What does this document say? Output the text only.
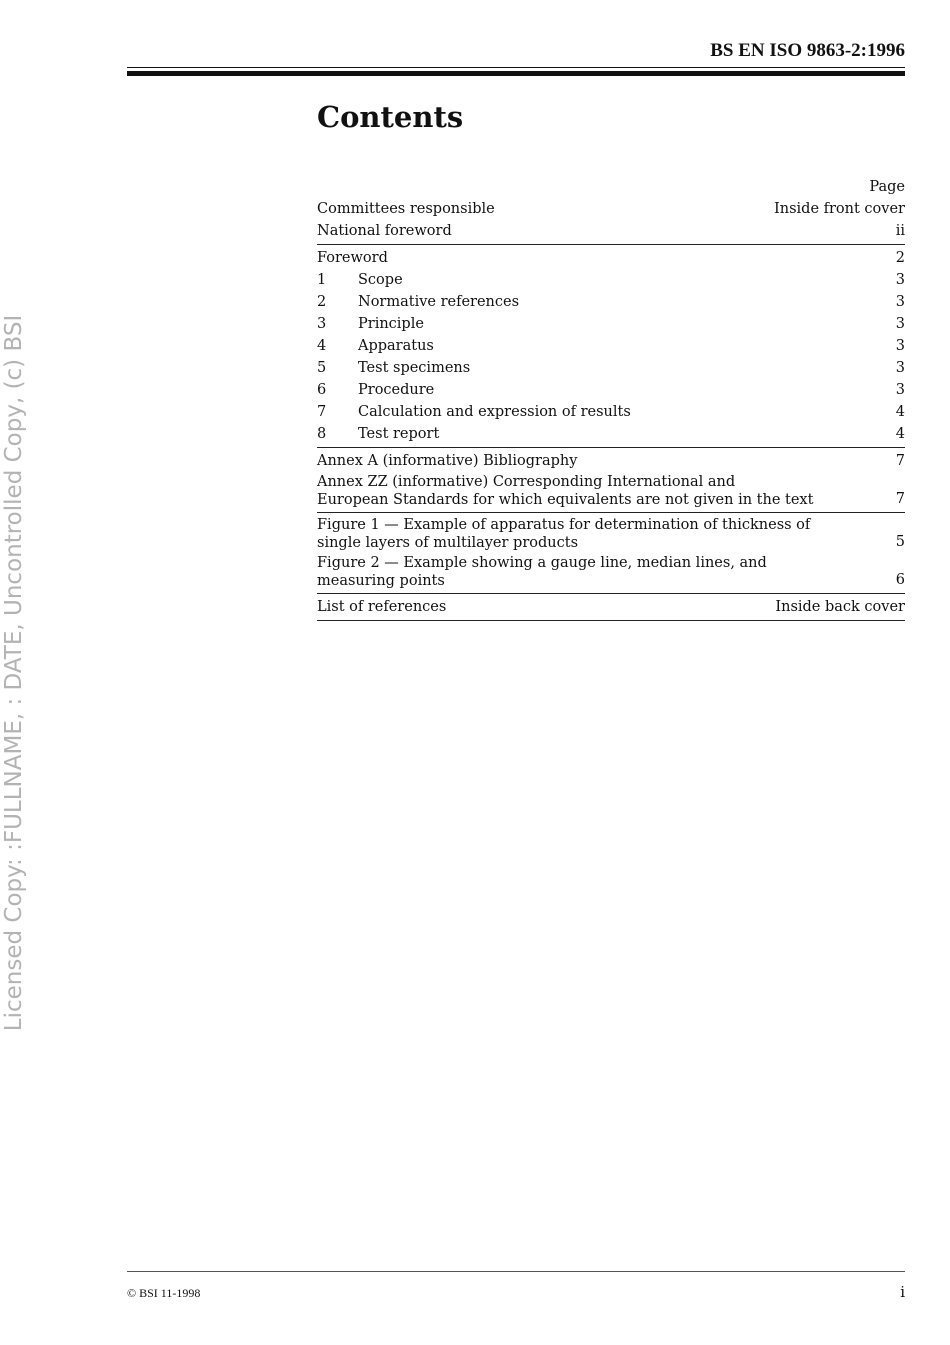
BS EN ISO 9863-2:1996
Contents
Page
Committees responsible	Inside front cover
National foreword	ii
Foreword	2
1	Scope	3
2	Normative references	3
3	Principle	3
4	Apparatus	3
5	Test specimens	3
6	Procedure	3
7	Calculation and expression of results	4
8	Test report	4
Annex A (informative) Bibliography	7
Annex ZZ (informative) Corresponding International and
European Standards for which equivalents are not given in the text	7
Figure 1 — Example of apparatus for determination of thickness of
single layers of multilayer products	5
Figure 2 — Example showing a gauge line, median lines, and
measuring points	6
List of references	Inside back cover
Licensed Copy: :FULLNAME, : DATE, Uncontrolled Copy, (c) BSI
© BSI 11-1998	i
